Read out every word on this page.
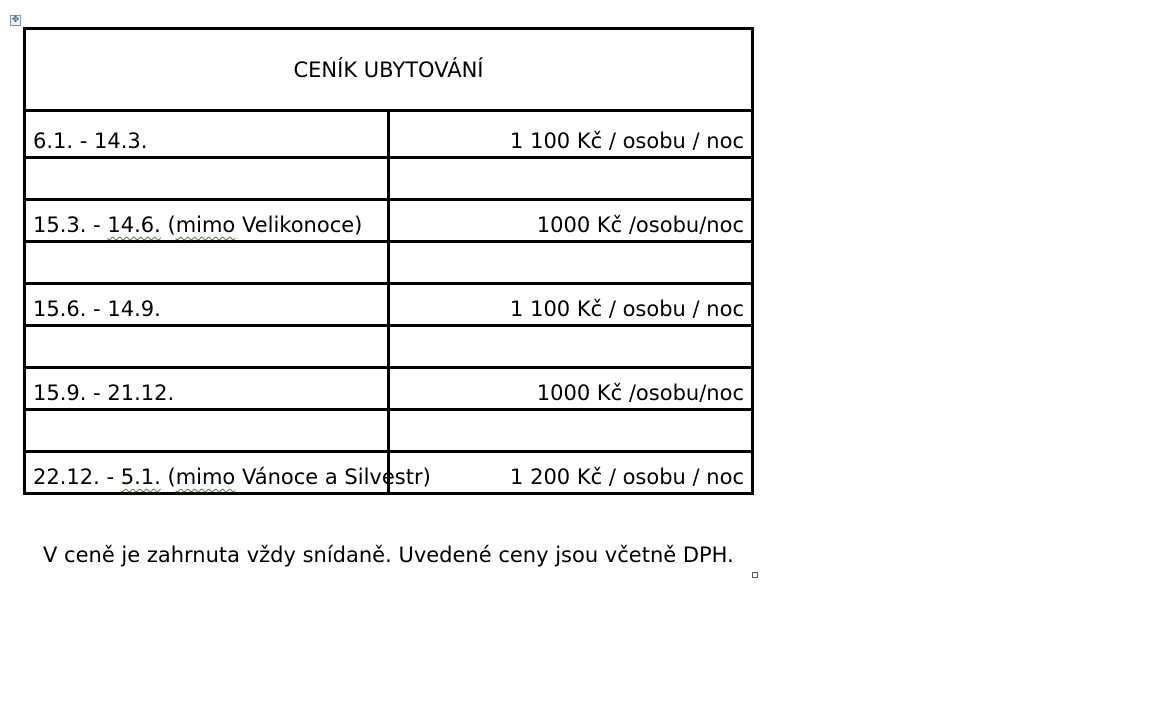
✥
CENÍK UBYTOVÁNÍ	
6.1. - 14.3.	1 100 Kč / osobu / noc

15.3. - 14.6. (mimo Velikonoce)	1000 Kč /osobu/noc

15.6. - 14.9.	1 100 Kč / osobu / noc

15.9. - 21.12.	1000 Kč /osobu/noc

22.12. - 5.1. (mimo Vánoce a Silvestr)	1 200 Kč / osobu / noc
V ceně je zahrnuta vždy snídaně. Uvedené ceny jsou včetně DPH.
